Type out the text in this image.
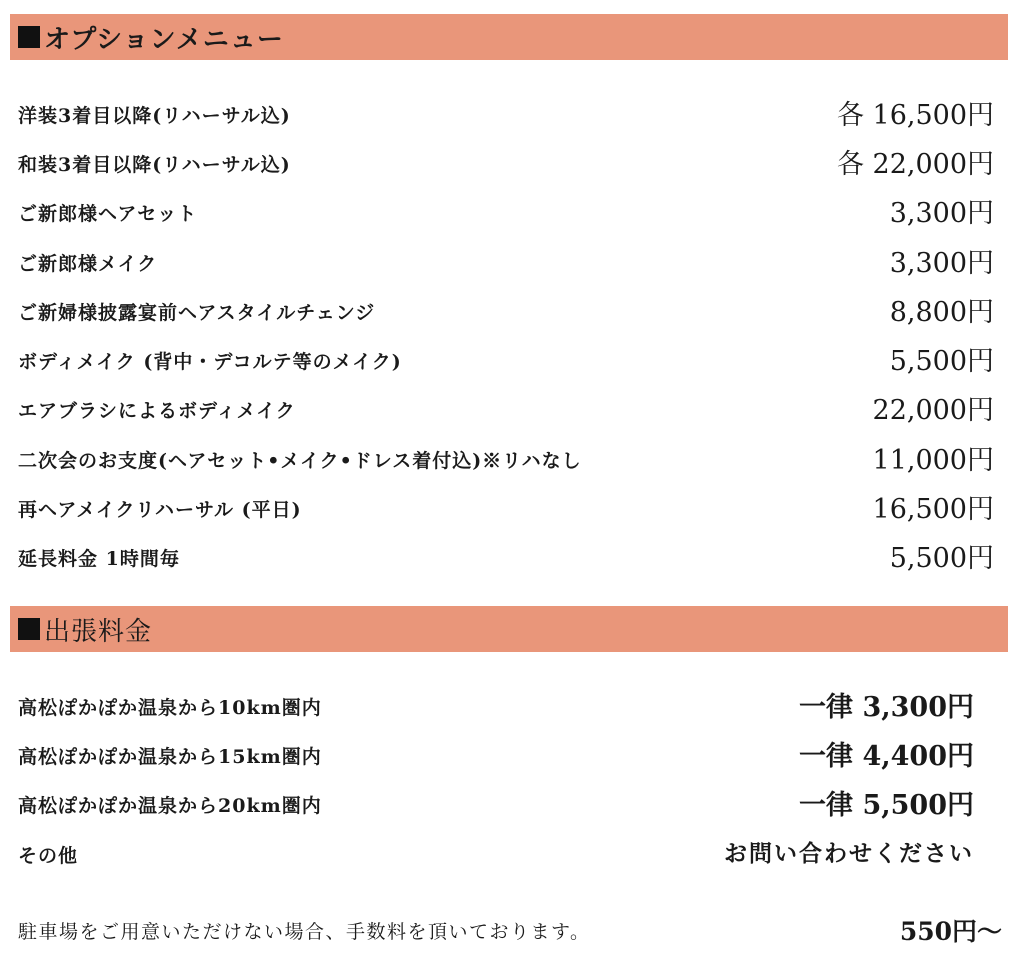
オプションメニュー
洋装3着目以降(リハーサル込)	各 16,500円
和装3着目以降(リハーサル込)	各 22,000円
ご新郎様ヘアセット	3,300円
ご新郎様メイク	3,300円
ご新婦様披露宴前ヘアスタイルチェンジ	8,800円
ボディメイク (背中・デコルテ等のメイク)	5,500円
エアブラシによるボディメイク	22,000円
二次会のお支度(ヘアセット•メイク•ドレス着付込)※リハなし	11,000円
再ヘアメイクリハーサル (平日)	16,500円
延長料金 1時間毎	5,500円
出張料金
高松ぽかぽか温泉から10km圏内	一律 3,300円
高松ぽかぽか温泉から15km圏内	一律 4,400円
高松ぽかぽか温泉から20km圏内	一律 5,500円
その他	お問い合わせください
駐車場をご用意いただけない場合、手数料を頂いております。	550円〜
